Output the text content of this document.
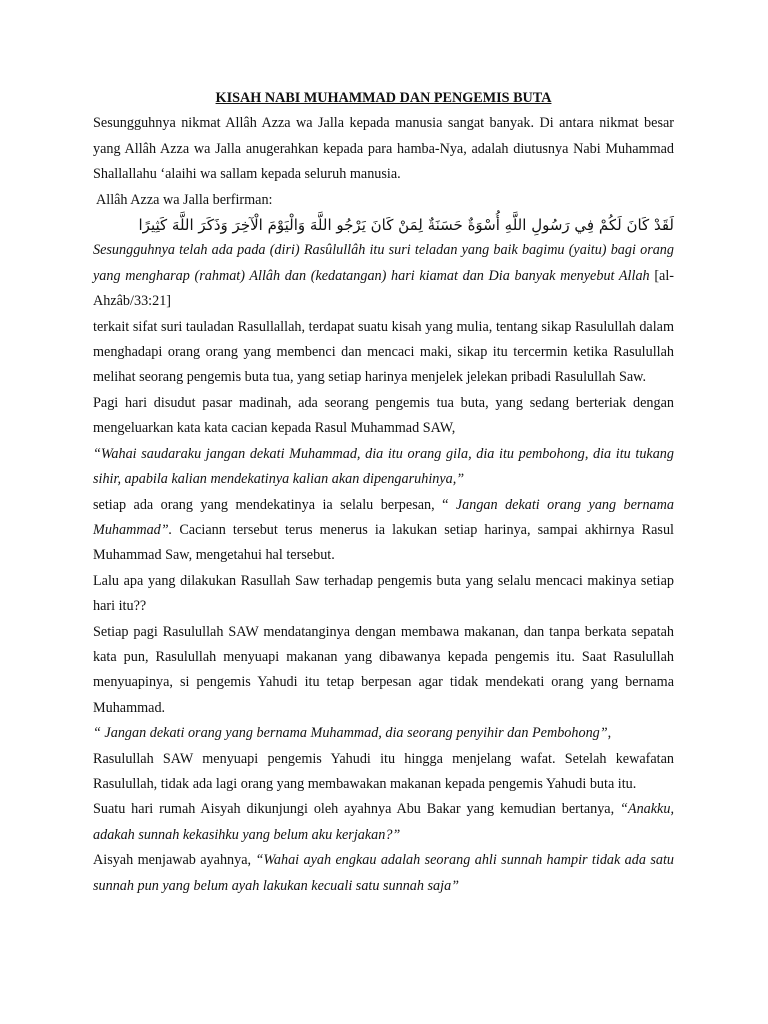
KISAH NABI MUHAMMAD DAN PENGEMIS BUTA

Sesungguhnya nikmat Allâh Azza wa Jalla kepada manusia sangat banyak. Di antara nikmat besar yang Allâh Azza wa Jalla anugerahkan kepada para hamba-Nya, adalah diutusnya Nabi Muhammad Shallallahu ‘alaihi wa sallam kepada seluruh manusia.

Allâh Azza wa Jalla berfirman:

لَقَدْ كَانَ لَكُمْ فِي رَسُولِ اللَّهِ أُسْوَةٌ حَسَنَةٌ لِمَنْ كَانَ يَرْجُو اللَّهَ وَالْيَوْمَ الْآخِرَ وَذَكَرَ اللَّهَ كَثِيرًا

Sesungguhnya telah ada pada (diri) Rasûlullâh itu suri teladan yang baik bagimu (yaitu) bagi orang yang mengharap (rahmat) Allâh dan (kedatangan) hari kiamat dan Dia banyak menyebut Allah [al-Ahzâb/33:21]

terkait sifat suri tauladan Rasullallah, terdapat suatu kisah yang mulia, tentang sikap Rasulullah dalam menghadapi orang orang yang membenci dan mencaci maki, sikap itu tercermin ketika Rasulullah melihat seorang pengemis buta tua, yang setiap harinya menjelek jelekan pribadi Rasulullah Saw.

Pagi hari disudut pasar madinah, ada seorang pengemis tua buta, yang sedang berteriak dengan mengeluarkan kata kata cacian kepada Rasul Muhammad SAW,

“Wahai saudaraku jangan dekati Muhammad, dia itu orang gila, dia itu pembohong, dia itu tukang sihir, apabila kalian mendekatinya kalian akan dipengaruhinya,”

setiap ada orang yang mendekatinya ia selalu berpesan, “ Jangan dekati orang yang bernama Muhammad”. Caciann tersebut terus menerus ia lakukan setiap harinya, sampai akhirnya Rasul Muhammad Saw, mengetahui hal tersebut.

Lalu apa yang dilakukan Rasullah Saw terhadap pengemis buta yang selalu mencaci makinya setiap hari itu??

Setiap pagi Rasulullah SAW mendatanginya dengan membawa makanan, dan tanpa berkata sepatah kata pun, Rasulullah menyuapi makanan yang dibawanya kepada pengemis itu. Saat Rasulullah menyuapinya, si pengemis Yahudi itu tetap berpesan agar tidak mendekati orang yang bernama Muhammad.

“ Jangan dekati orang yang bernama Muhammad, dia seorang penyihir dan Pembohong”,

Rasulullah SAW menyuapi pengemis Yahudi itu hingga menjelang wafat. Setelah kewafatan Rasulullah, tidak ada lagi orang yang membawakan makanan kepada pengemis Yahudi buta itu.

Suatu hari rumah Aisyah dikunjungi oleh ayahnya Abu Bakar yang kemudian bertanya, “Anakku, adakah sunnah kekasihku yang belum aku kerjakan?”

Aisyah menjawab ayahnya, “Wahai ayah engkau adalah seorang ahli sunnah hampir tidak ada satu sunnah pun yang belum ayah lakukan kecuali satu sunnah saja”
